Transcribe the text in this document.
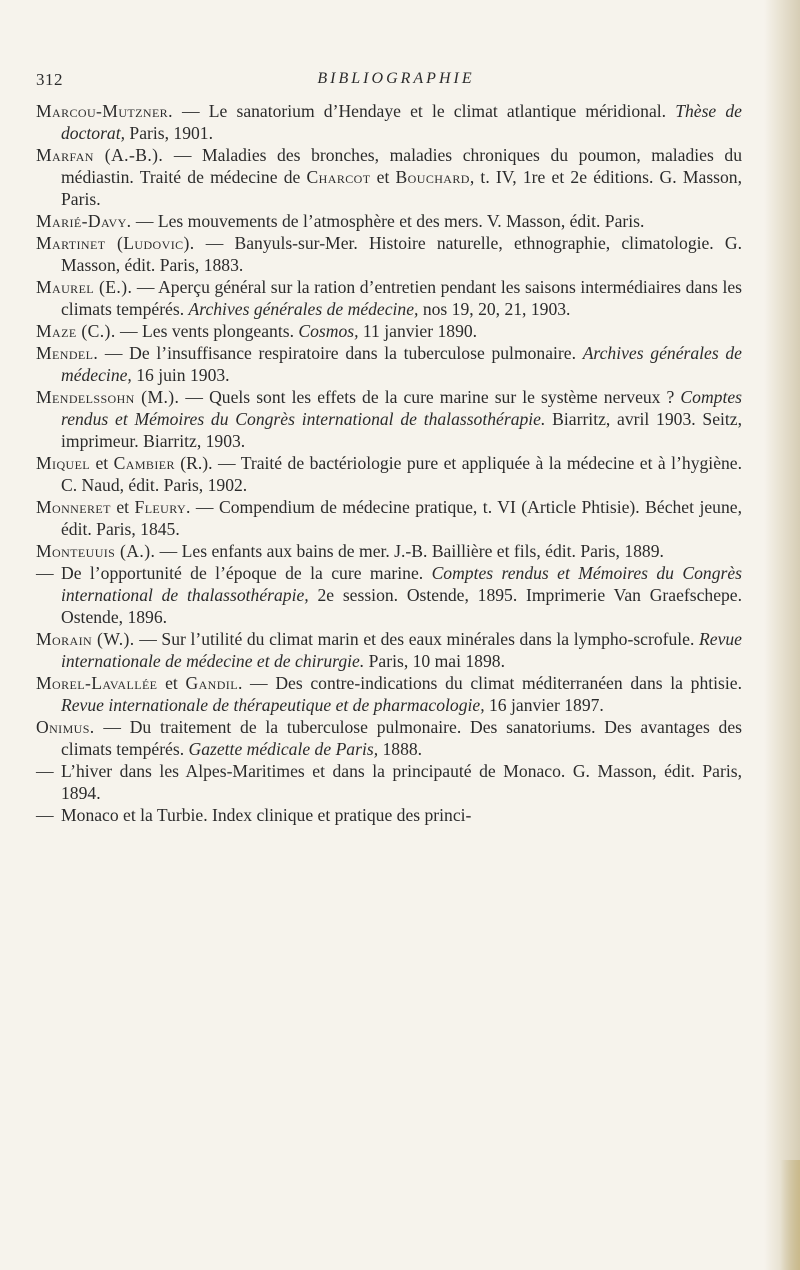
312	BIBLIOGRAPHIE

Marcou-Mutzner. — Le sanatorium d’Hendaye et le climat atlantique méridional. Thèse de doctorat, Paris, 1901.

Marfan (A.-B.). — Maladies des bronches, maladies chroniques du poumon, maladies du médiastin. Traité de médecine de Charcot et Bouchard, t. IV, 1re et 2e éditions. G. Masson, Paris.

Marié-Davy. — Les mouvements de l’atmosphère et des mers. V. Masson, édit. Paris.

Martinet (Ludovic). — Banyuls-sur-Mer. Histoire naturelle, ethnographie, climatologie. G. Masson, édit. Paris, 1883.

Maurel (E.). — Aperçu général sur la ration d’entretien pendant les saisons intermédiaires dans les climats tempérés. Archives générales de médecine, nos 19, 20, 21, 1903.

Maze (C.). — Les vents plongeants. Cosmos, 11 janvier 1890.

Mendel. — De l’insuffisance respiratoire dans la tuberculose pulmonaire. Archives générales de médecine, 16 juin 1903.

Mendelssohn (M.). — Quels sont les effets de la cure marine sur le système nerveux ? Comptes rendus et Mémoires du Congrès international de thalassothérapie. Biarritz, avril 1903. Seitz, imprimeur. Biarritz, 1903.

Miquel et Cambier (R.). — Traité de bactériologie pure et appliquée à la médecine et à l’hygiène. C. Naud, édit. Paris, 1902.

Monneret et Fleury. — Compendium de médecine pratique, t. VI (Article Phtisie). Béchet jeune, édit. Paris, 1845.

Monteuuis (A.). — Les enfants aux bains de mer. J.-B. Baillière et fils, édit. Paris, 1889.

— De l’opportunité de l’époque de la cure marine. Comptes rendus et Mémoires du Congrès international de thalassothérapie, 2e session. Ostende, 1895. Imprimerie Van Graefschepe. Ostende, 1896.

Morain (W.). — Sur l’utilité du climat marin et des eaux minérales dans la lympho-scrofule. Revue internationale de médecine et de chirurgie. Paris, 10 mai 1898.

Morel-Lavallée et Gandil. — Des contre-indications du climat méditerranéen dans la phtisie. Revue internationale de thérapeutique et de pharmacologie, 16 janvier 1897.

Onimus. — Du traitement de la tuberculose pulmonaire. Des sanatoriums. Des avantages des climats tempérés. Gazette médicale de Paris, 1888.

— L’hiver dans les Alpes-Maritimes et dans la principauté de Monaco. G. Masson, édit. Paris, 1894.

— Monaco et la Turbie. Index clinique et pratique des princi-
